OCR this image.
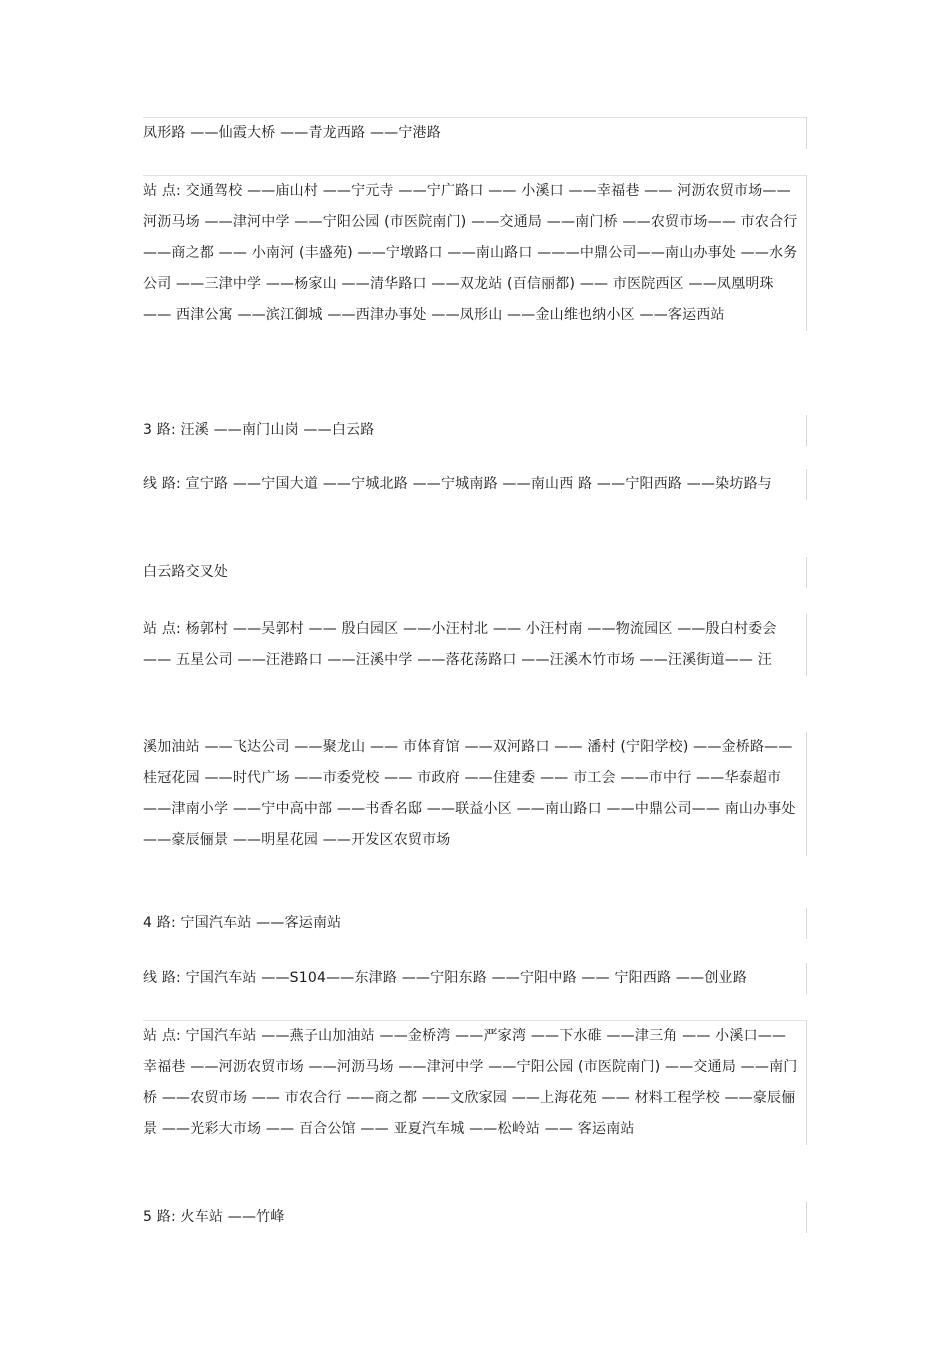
凤形路 ——仙霞大桥 ——青龙西路 ——宁港路

站 点: 交通驾校 ——庙山村 ——宁元寺 ——宁广路口 —— 小溪口 ——幸福巷 —— 河沥农贸市场—— 河沥马场 ——津河中学 ——宁阳公园 (市医院南门) ——交通局 ——南门桥 ——农贸市场—— 市农合行 ——商之都 —— 小南河 (丰盛苑) ——宁墩路口 ——南山路口 ———中鼎公司——南山办事处 ——水务公司 ——三津中学 ——杨家山 ——清华路口 ——双龙站 (百信丽都) —— 市医院西区 ——凤凰明珠 —— 西津公寓 ——滨江御城 ——西津办事处 ——凤形山 ——金山维也纳小区 ——客运西站

3 路: 汪溪 ——南门山岗 ——白云路

线 路: 宣宁路 ——宁国大道 ——宁城北路 ——宁城南路 ——南山西 路 ——宁阳西路 ——染坊路与

白云路交叉处

站 点: 杨郭村 ——吴郭村 —— 殷白园区 ——小汪村北 —— 小汪村南 ——物流园区 ——殷白村委会 —— 五星公司 ——汪港路口 ——汪溪中学 ——落花荡路口 ——汪溪木竹市场 ——汪溪街道—— 汪

溪加油站 ——飞达公司 ——聚龙山 —— 市体育馆 ——双河路口 —— 潘村 (宁阳学校) ——金桥路—— 桂冠花园 ——时代广场 ——市委党校 —— 市政府 ——住建委 —— 市工会 ——市中行 ——华泰超市 ——津南小学 ——宁中高中部 ——书香名邸 ——联益小区 ——南山路口 ——中鼎公司—— 南山办事处 ——豪辰俪景 ——明星花园 ——开发区农贸市场

4 路: 宁国汽车站 ——客运南站

线 路: 宁国汽车站 ——S104——东津路 ——宁阳东路 ——宁阳中路 —— 宁阳西路 ——创业路

站 点: 宁国汽车站 ——燕子山加油站 ——金桥湾 ——严家湾 ——下水碓 ——津三角 —— 小溪口—— 幸福巷 ——河沥农贸市场 ——河沥马场 ——津河中学 ——宁阳公园 (市医院南门) ——交通局 ——南门桥 ——农贸市场 —— 市农合行 ——商之都 ——文欣家园 ——上海花苑 —— 材料工程学校 ——豪辰俪景 ——光彩大市场 —— 百合公馆 —— 亚夏汽车城 ——松岭站 —— 客运南站

5 路: 火车站 ——竹峰
